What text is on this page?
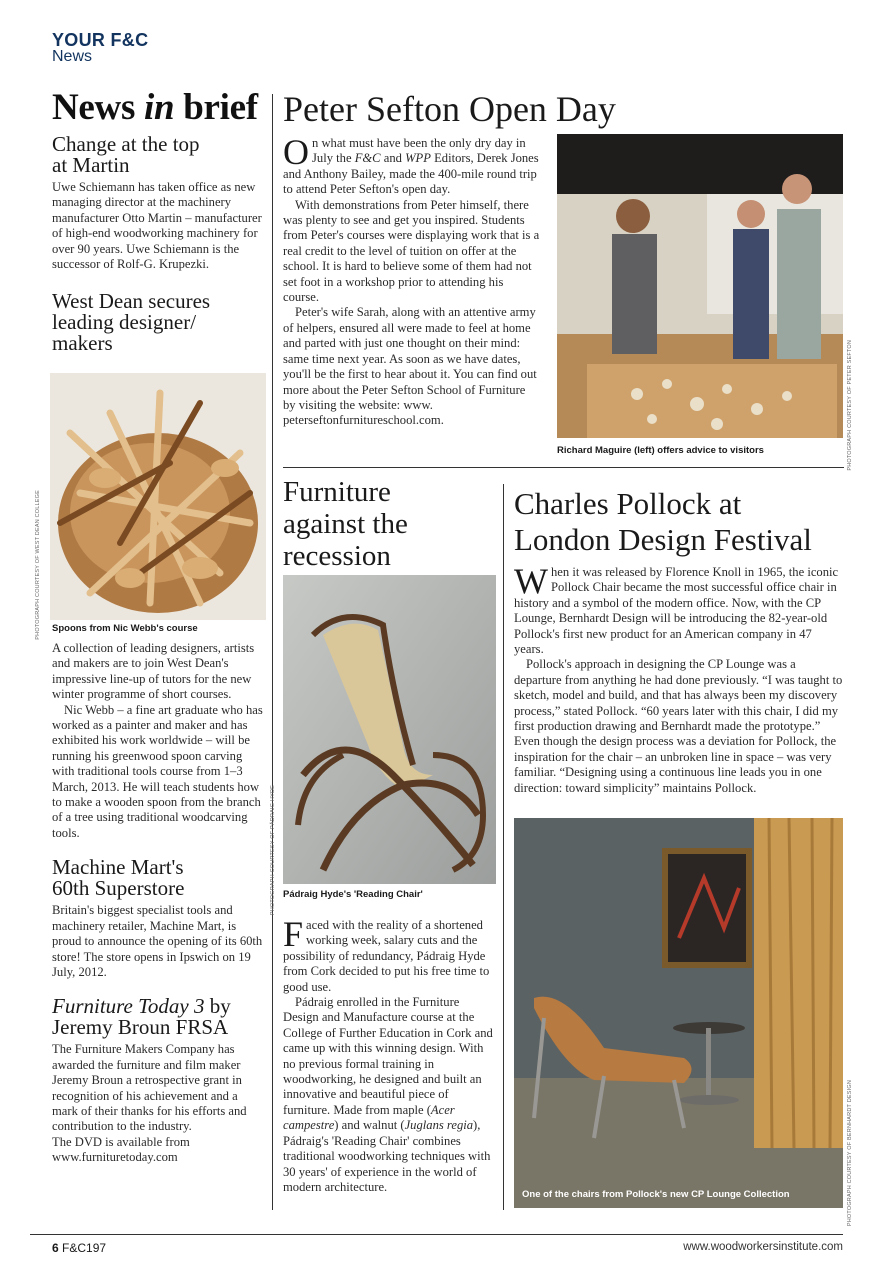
YOUR F&C
News
News in brief
Change at the top
at Martin

Uwe Schiemann has taken office as new managing director at the machinery manufacturer Otto Martin – manufacturer of high-end woodworking machinery for over 90 years. Uwe Schiemann is the successor of Rolf-G. Krupezki.

West Dean secures
leading designer/
makers
PHOTOGRAPH COURTESY OF WEST DEAN COLLEGE Spoons from Nic Webb's course

A collection of leading designers, artists and makers are to join West Dean's impressive line-up of tutors for the new winter programme of short courses.

Nic Webb – a fine art graduate who has worked as a painter and maker and has exhibited his work worldwide – will be running his greenwood spoon carving with traditional tools course from 1–3 March, 2013. He will teach students how to make a wooden spoon from the branch of a tree using traditional woodcarving tools.

Machine Mart's
60th Superstore

Britain's biggest specialist tools and machinery retailer, Machine Mart, is proud to announce the opening of its 60th store! The store opens in Ipswich on 19 July, 2012.

Furniture Today 3 by
Jeremy Broun FRSA

The Furniture Makers Company has awarded the furniture and film maker Jeremy Broun a retrospective grant in recognition of his achievement and a mark of their thanks for his efforts and contribution to the industry.

The DVD is available from www.furnituretoday.com

Peter Sefton Open Day

On what must have been the only dry day in July the F&C and WPP Editors, Derek Jones and Anthony Bailey, made the 400-mile round trip to attend Peter Sefton's open day.

With demonstrations from Peter himself, there was plenty to see and get you inspired. Students from Peter's courses were displaying work that is a real credit to the level of tuition on offer at the school. It is hard to believe some of them had not set foot in a workshop prior to attending his course.

Peter's wife Sarah, along with an attentive army of helpers, ensured all were made to feel at home and parted with just one thought on their mind: same time next year. As soon as we have dates, you'll be the first to hear about it. You can find out more about the Peter Sefton School of Furniture by visiting the website: www. peterseftonfurnitureschool.com.	PHOTOGRAPH COURTESY OF PETER SEFTON
Richard Maguire (left) offers advice to visitors
Furniture
against the
recession
PHOTOGRAPH COURTESY OF PÁDRAIG HYDE Pádraig Hyde's 'Reading Chair'

Faced with the reality of a shortened working week, salary cuts and the possibility of redundancy, Pádraig Hyde from Cork decided to put his free time to good use.

Pádraig enrolled in the Furniture Design and Manufacture course at the College of Further Education in Cork and came up with this winning design. With no previous formal training in woodworking, he designed and built an innovative and beautiful piece of furniture. Made from maple (Acer campestre) and walnut (Juglans regia), Pádraig's 'Reading Chair' combines traditional woodworking techniques with 30 years' of experience in the world of modern architecture.

Charles Pollock at
London Design Festival

When it was released by Florence Knoll in 1965, the iconic Pollock Chair became the most successful office chair in history and a symbol of the modern office. Now, with the CP Lounge, Bernhardt Design will be introducing the 82-year-old Pollock's first new product for an American company in 47 years.

Pollock's approach in designing the CP Lounge was a departure from anything he had done previously. “I was taught to sketch, model and build, and that has always been my discovery process,” stated Pollock. “60 years later with this chair, I did my first production drawing and Bernhardt made the prototype.” Even though the design process was a deviation for Pollock, the inspiration for the chair – an unbroken line in space – was very familiar. “Designing using a continuous line leads you in one direction: toward simplicity” maintains Pollock.

PHOTOGRAPH COURTESY OF BERNHARDT DESIGN
One of the chairs from Pollock's new CP Lounge Collection
6 F&C197	www.woodworkersinstitute.com
